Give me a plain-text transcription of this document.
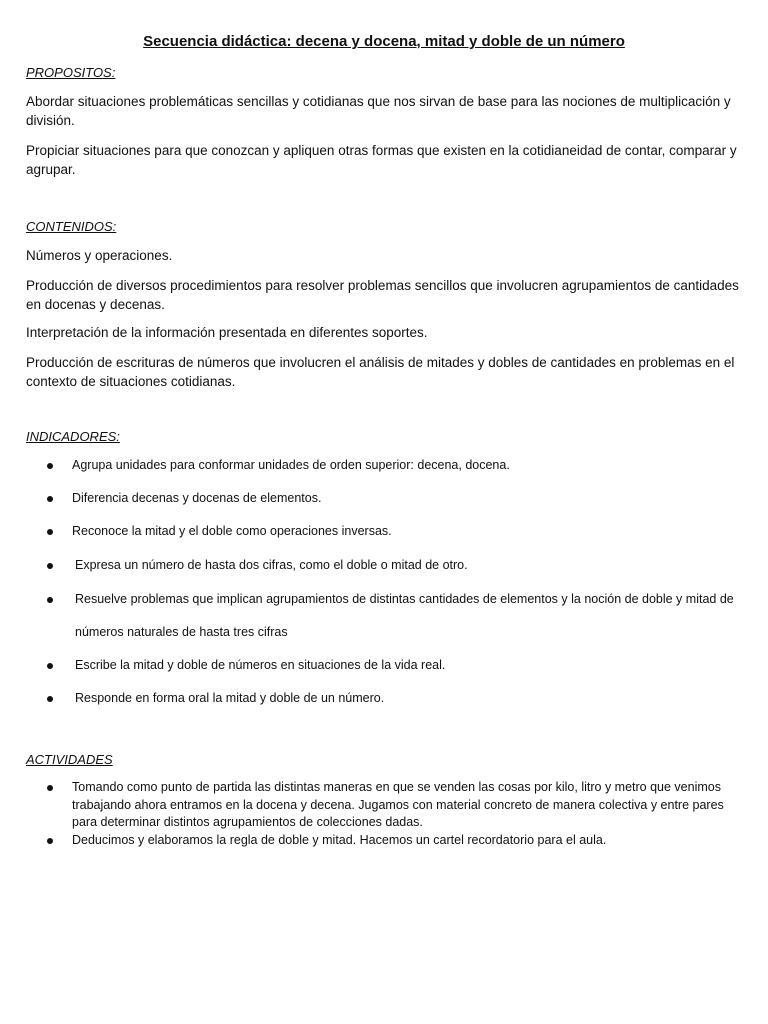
Secuencia didáctica: decena y docena, mitad y doble de un número

PROPOSITOS:

Abordar situaciones problemáticas sencillas y cotidianas que nos sirvan de base para las nociones de multiplicación y división.

Propiciar situaciones para que conozcan y apliquen otras formas que existen en la cotidianeidad de contar, comparar y agrupar.

CONTENIDOS:

Números y operaciones.

Producción de diversos procedimientos para resolver problemas sencillos que involucren agrupamientos de cantidades en docenas y decenas.

Interpretación de la información presentada en diferentes soportes.

Producción de escrituras de números que involucren el análisis de mitades y dobles de cantidades en problemas en el contexto de situaciones cotidianas.

INDICADORES:

Agrupa unidades para conformar unidades de orden superior: decena, docena.
Diferencia decenas y docenas de elementos.
Reconoce la mitad y el doble como operaciones inversas.
Expresa un número de hasta dos cifras, como el doble o mitad de otro.
Resuelve problemas que implican agrupamientos de distintas cantidades de elementos y la noción de doble y mitad de números naturales de hasta tres cifras
Escribe la mitad y doble de números en situaciones de la vida real.
Responde en forma oral la mitad y doble de un número.

ACTIVIDADES

Tomando como punto de partida las distintas maneras en que se venden las cosas por kilo, litro y metro que venimos trabajando ahora entramos en la docena y decena. Jugamos con material concreto de manera colectiva y entre pares para determinar distintos agrupamientos de colecciones dadas.
Deducimos y elaboramos la regla de doble y mitad. Hacemos un cartel recordatorio para el aula.
